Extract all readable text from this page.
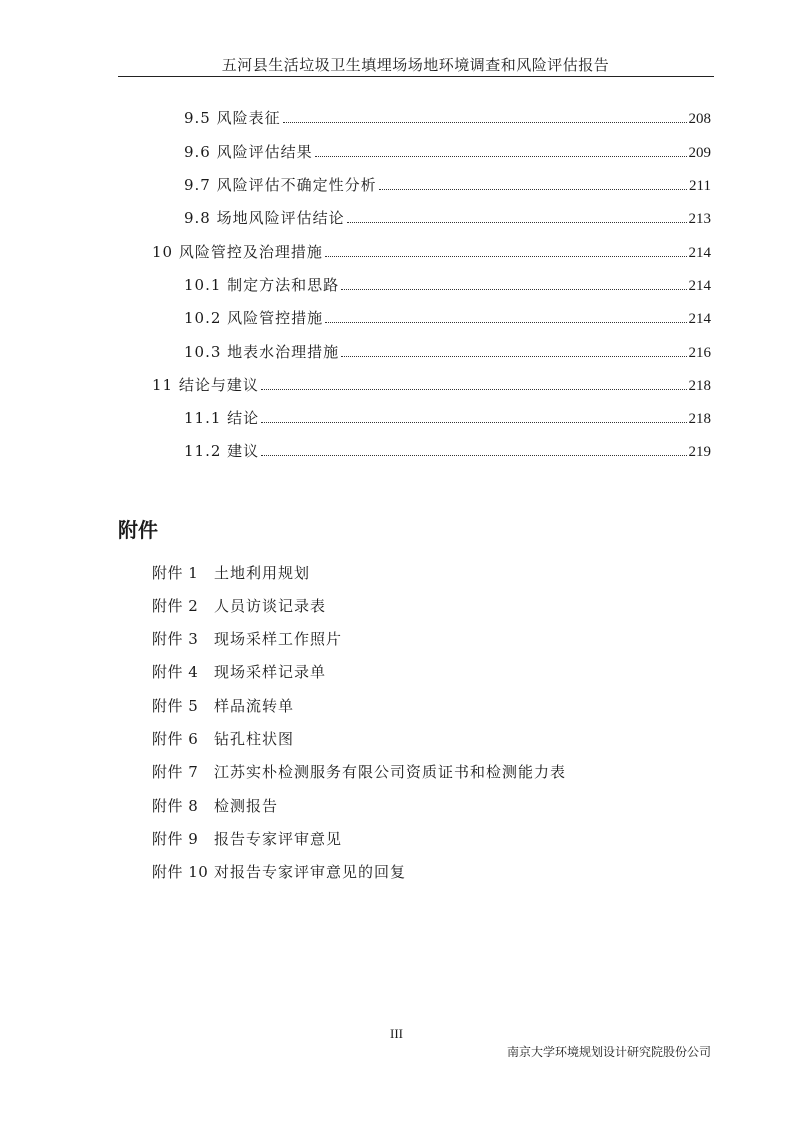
五河县生活垃圾卫生填埋场场地环境调查和风险评估报告
9.5 风险表征	208
9.6 风险评估结果	209
9.7 风险评估不确定性分析	211
9.8 场地风险评估结论	213
10 风险管控及治理措施	214
10.1 制定方法和思路	214
10.2 风险管控措施	214
10.3 地表水治理措施	216
11 结论与建议	218
11.1 结论	218
11.2 建议	219
附件
附件 1	土地利用规划
附件 2	人员访谈记录表
附件 3	现场采样工作照片
附件 4	现场采样记录单
附件 5	样品流转单
附件 6	钻孔柱状图
附件 7	江苏实朴检测服务有限公司资质证书和检测能力表
附件 8	检测报告
附件 9	报告专家评审意见
附件 10 对报告专家评审意见的回复
III
南京大学环境规划设计研究院股份公司
